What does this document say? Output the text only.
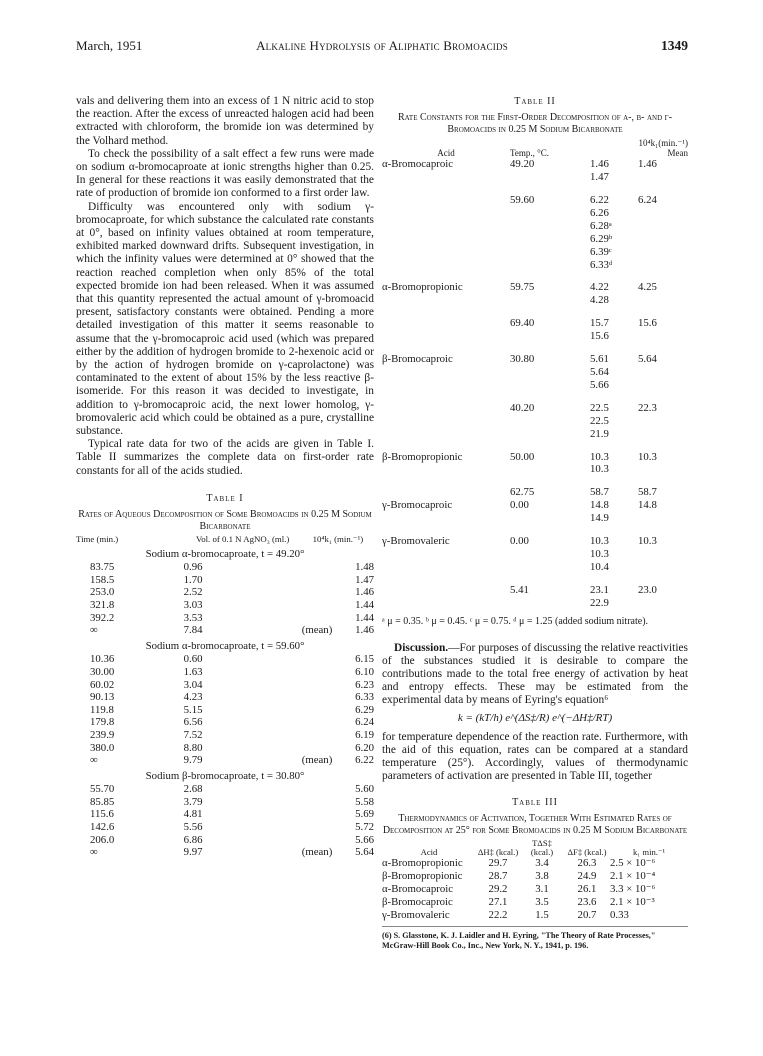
March, 1951	Alkaline Hydrolysis of Aliphatic Bromoacids	1349

vals and delivering them into an excess of 1 N nitric acid to stop the reaction. After the excess of unreacted halogen acid had been extracted with chloroform, the bromide ion was determined by the Volhard method.

To check the possibility of a salt effect a few runs were made on sodium α-bromocaproate at ionic strengths higher than 0.25. In general for these reactions it was easily demonstrated that the rate of production of bromide ion conformed to a first order law.

Difficulty was encountered only with sodium γ-bromocaproate, for which substance the calculated rate constants at 0°, based on infinity values obtained at room temperature, exhibited marked downward drifts. Subsequent investigation, in which the infinity values were determined at 0° showed that the reaction reached completion when only 85% of the total expected bromide ion had been released. When it was assumed that this quantity represented the actual amount of γ-bromoacid present, satisfactory constants were obtained. Pending a more detailed investigation of this matter it seems reasonable to assume that the γ-bromocaproic acid used (which was prepared either by the addition of hydrogen bromide to 2-hexenoic acid or by the action of hydrogen bromide on γ-caprolactone) was contaminated to the extent of about 15% by the less reactive β-isomeride. For this reason it was decided to investigate, in addition to γ-bromocaproic acid, the next lower homolog, γ-bromovaleric acid which could be obtained as a pure, crystalline substance.

Typical rate data for two of the acids are given in Table I. Table II summarizes the complete data on first-order rate constants for all of the acids studied.

Table I

Rates of Aqueous Decomposition of Some Bromoacids in 0.25 M Sodium Bicarbonate

Time (min.)	Vol. of 0.1 N AgNO₃ (ml.)	10⁴k₁ (min.⁻¹)	
Sodium α-bromocaproate, t = 49.20°			
83.75	0.96		1.48
158.5	1.70		1.47
253.0	2.52		1.46
321.8	3.03		1.44
392.2	3.53		1.44
∞	7.84	(mean)	1.46
Sodium α-bromocaproate, t = 59.60°			
10.36	0.60		6.15
30.00	1.63		6.10
60.02	3.04		6.23
90.13	4.23		6.33
119.8	5.15		6.29
179.8	6.56		6.24
239.9	7.52		6.19
380.0	8.80		6.20
∞	9.79	(mean)	6.22
Sodium β-bromocaproate, t = 30.80°			
55.70	2.68		5.60
85.85	3.79		5.58
115.6	4.81		5.69
142.6	5.56		5.72
206.0	6.86		5.66
∞	9.97	(mean)	5.64

Table II

Rate Constants for the First-Order Decomposition of α-, β- and γ-Bromoacids in 0.25 M Sodium Bicarbonate

Acid	Temp., °C.	10⁴k₁(min.⁻¹)
Mean	

α-Bromocaproic	49.20	1.46	1.46
		1.47	
	59.60	6.22	6.24
		6.26	
		6.28ᵃ	
		6.29ᵇ	
		6.39ᶜ	
		6.33ᵈ	
α-Bromopropionic	59.75	4.22	4.25
		4.28	
	69.40	15.7	15.6
		15.6	
β-Bromocaproic	30.80	5.61	5.64
		5.64	
		5.66	
	40.20	22.5	22.3
		22.5	
		21.9	
β-Bromopropionic	50.00	10.3	10.3
		10.3	
	62.75	58.7	58.7
γ-Bromocaproic	0.00	14.8	14.8
		14.9	
γ-Bromovaleric	0.00	10.3	10.3
		10.3	
		10.4	
	5.41	23.1	23.0
		22.9	
ᵃ μ = 0.35. ᵇ μ = 0.45. ᶜ μ = 0.75. ᵈ μ = 1.25 (added sodium nitrate).

Discussion.—For purposes of discussing the relative reactivities of the substances studied it is desirable to compare the contributions made to the total free energy of activation by heat and entropy effects. These may be estimated from the experimental data by means of Eyring's equation⁶

k = (kT/h) e^(ΔS‡/R) e^(−ΔH‡/RT)

for temperature dependence of the reaction rate. Furthermore, with the aid of this equation, rates can be compared at a standard temperature (25°). Accordingly, values of thermodynamic parameters of activation are presented in Table III, together

Table III

Thermodynamics of Activation, Together With Estimated Rates of Decomposition at 25° for Some Bromoacids in 0.25 M Sodium Bicarbonate

Acid	ΔH‡ (kcal.)	TΔS‡ (kcal.)	ΔF‡ (kcal.)	k₁ min.⁻¹
α-Bromopropionic	29.7	3.4	26.3	2.5 × 10⁻⁶
β-Bromopropionic	28.7	3.8	24.9	2.1 × 10⁻⁴
α-Bromocaproic	29.2	3.1	26.1	3.3 × 10⁻⁶
β-Bromocaproic	27.1	3.5	23.6	2.1 × 10⁻³
γ-Bromovaleric	22.2	1.5	20.7	0.33
(6) S. Glasstone, K. J. Laidler and H. Eyring, "The Theory of Rate Processes," McGraw-Hill Book Co., Inc., New York, N. Y., 1941, p. 196.
